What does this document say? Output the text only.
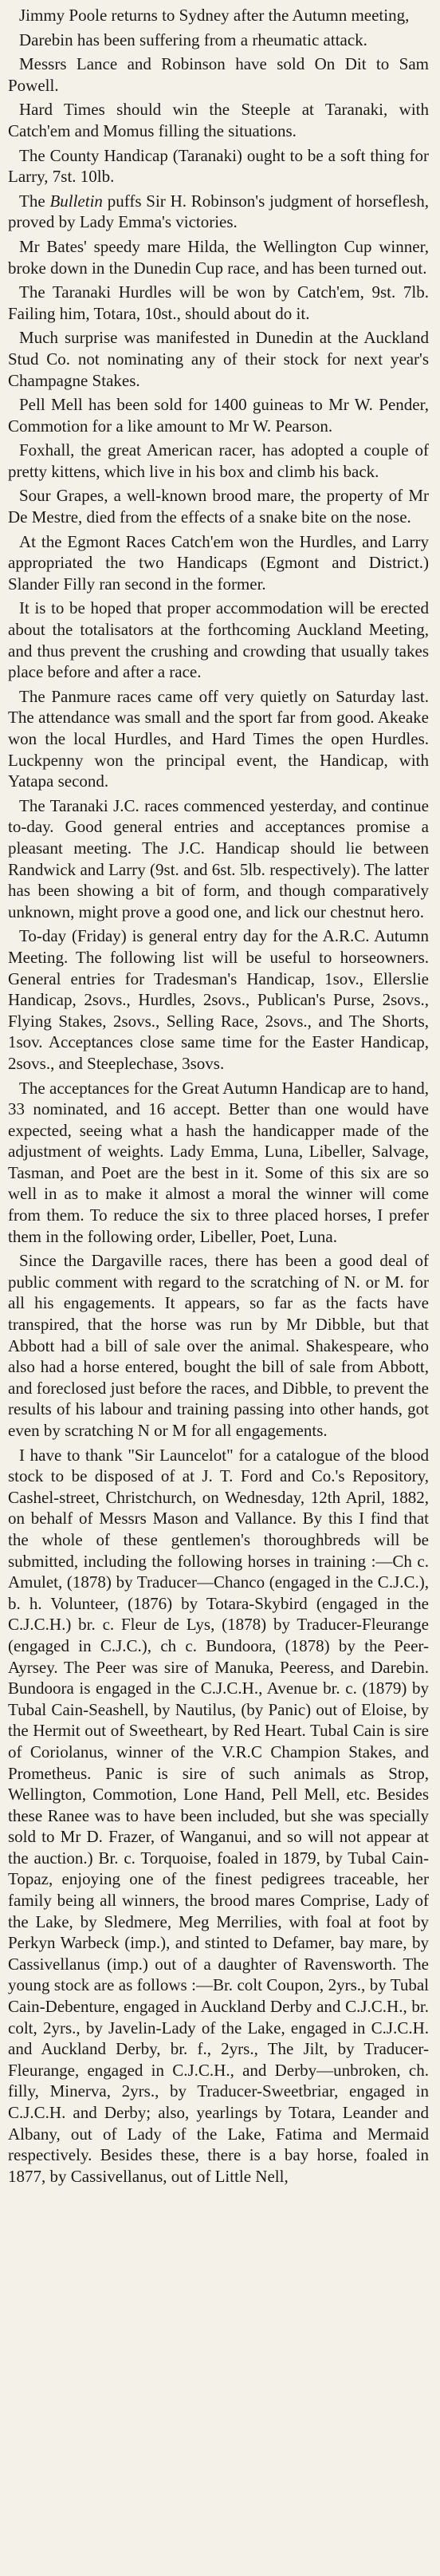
Jimmy Poole returns to Sydney after the Autumn meeting,

Darebin has been suffering from a rheumatic attack.

Messrs Lance and Robinson have sold On Dit to Sam Powell.

Hard Times should win the Steeple at Taranaki, with Catch'em and Momus filling the situations.

The County Handicap (Taranaki) ought to be a soft thing for Larry, 7st. 10lb.

The Bulletin puffs Sir H. Robinson's judgment of horseflesh, proved by Lady Emma's victories.

Mr Bates' speedy mare Hilda, the Wellington Cup winner, broke down in the Dunedin Cup race, and has been turned out.

The Taranaki Hurdles will be won by Catch'em, 9st. 7lb. Failing him, Totara, 10st., should about do it.

Much surprise was manifested in Dunedin at the Auckland Stud Co. not nominating any of their stock for next year's Champagne Stakes.

Pell Mell has been sold for 1400 guineas to Mr W. Pender, Commotion for a like amount to Mr W. Pearson.

Foxhall, the great American racer, has adopted a couple of pretty kittens, which live in his box and climb his back.

Sour Grapes, a well-known brood mare, the property of Mr De Mestre, died from the effects of a snake bite on the nose.

At the Egmont Races Catch'em won the Hurdles, and Larry appropriated the two Handicaps (Egmont and District.) Slander Filly ran second in the former.

It is to be hoped that proper accommodation will be erected about the totalisators at the forthcoming Auckland Meeting, and thus prevent the crushing and crowding that usually takes place before and after a race.

The Panmure races came off very quietly on Saturday last. The attendance was small and the sport far from good. Akeake won the local Hurdles, and Hard Times the open Hurdles. Luckpenny won the principal event, the Handicap, with Yatapa second.

The Taranaki J.C. races commenced yesterday, and continue to-day. Good general entries and acceptances promise a pleasant meeting. The J.C. Handicap should lie between Randwick and Larry (9st. and 6st. 5lb. respectively). The latter has been showing a bit of form, and though comparatively unknown, might prove a good one, and lick our chestnut hero.

To-day (Friday) is general entry day for the A.R.C. Autumn Meeting. The following list will be useful to horseowners. General entries for Tradesman's Handicap, 1sov., Ellerslie Handicap, 2sovs., Hurdles, 2sovs., Publican's Purse, 2sovs., Flying Stakes, 2sovs., Selling Race, 2sovs., and The Shorts, 1sov. Acceptances close same time for the Easter Handicap, 2sovs., and Steeplechase, 3sovs.

The acceptances for the Great Autumn Handicap are to hand, 33 nominated, and 16 accept. Better than one would have expected, seeing what a hash the handicapper made of the adjustment of weights. Lady Emma, Luna, Libeller, Salvage, Tasman, and Poet are the best in it. Some of this six are so well in as to make it almost a moral the winner will come from them. To reduce the six to three placed horses, I prefer them in the following order, Libeller, Poet, Luna.

Since the Dargaville races, there has been a good deal of public comment with regard to the scratching of N. or M. for all his engagements. It appears, so far as the facts have transpired, that the horse was run by Mr Dibble, but that Abbott had a bill of sale over the animal. Shakespeare, who also had a horse entered, bought the bill of sale from Abbott, and foreclosed just before the races, and Dibble, to prevent the results of his labour and training passing into other hands, got even by scratching N or M for all engagements.

I have to thank "Sir Launcelot" for a catalogue of the blood stock to be disposed of at J. T. Ford and Co.'s Repository, Cashel-street, Christchurch, on Wednesday, 12th April, 1882, on behalf of Messrs Mason and Vallance. By this I find that the whole of these gentlemen's thoroughbreds will be submitted, including the following horses in training :—Ch c. Amulet, (1878) by Traducer—Chanco (engaged in the C.J.C.), b. h. Volunteer, (1876) by Totara-Skybird (engaged in the C.J.C.H.) br. c. Fleur de Lys, (1878) by Traducer-Fleurange (engaged in C.J.C.), ch c. Bundoora, (1878) by the Peer-Ayrsey. The Peer was sire of Manuka, Peeress, and Darebin. Bundoora is engaged in the C.J.C.H., Avenue br. c. (1879) by Tubal Cain-Seashell, by Nautilus, (by Panic) out of Eloise, by the Hermit out of Sweetheart, by Red Heart. Tubal Cain is sire of Coriolanus, winner of the V.R.C Champion Stakes, and Prometheus. Panic is sire of such animals as Strop, Wellington, Commotion, Lone Hand, Pell Mell, etc. Besides these Ranee was to have been included, but she was specially sold to Mr D. Frazer, of Wanganui, and so will not appear at the auction.) Br. c. Torquoise, foaled in 1879, by Tubal Cain-Topaz, enjoying one of the finest pedigrees traceable, her family being all winners, the brood mares Comprise, Lady of the Lake, by Sledmere, Meg Merrilies, with foal at foot by Perkyn Warbeck (imp.), and stinted to Defamer, bay mare, by Cassivellanus (imp.) out of a daughter of Ravensworth. The young stock are as follows :—Br. colt Coupon, 2yrs., by Tubal Cain-Debenture, engaged in Auckland Derby and C.J.C.H., br. colt, 2yrs., by Javelin-Lady of the Lake, engaged in C.J.C.H. and Auckland Derby, br. f., 2yrs., The Jilt, by Traducer-Fleurange, engaged in C.J.C.H., and Derby—unbroken, ch. filly, Minerva, 2yrs., by Traducer-Sweetbriar, engaged in C.J.C.H. and Derby; also, yearlings by Totara, Leander and Albany, out of Lady of the Lake, Fatima and Mermaid respectively. Besides these, there is a bay horse, foaled in 1877, by Cassivellanus, out of Little Nell,
